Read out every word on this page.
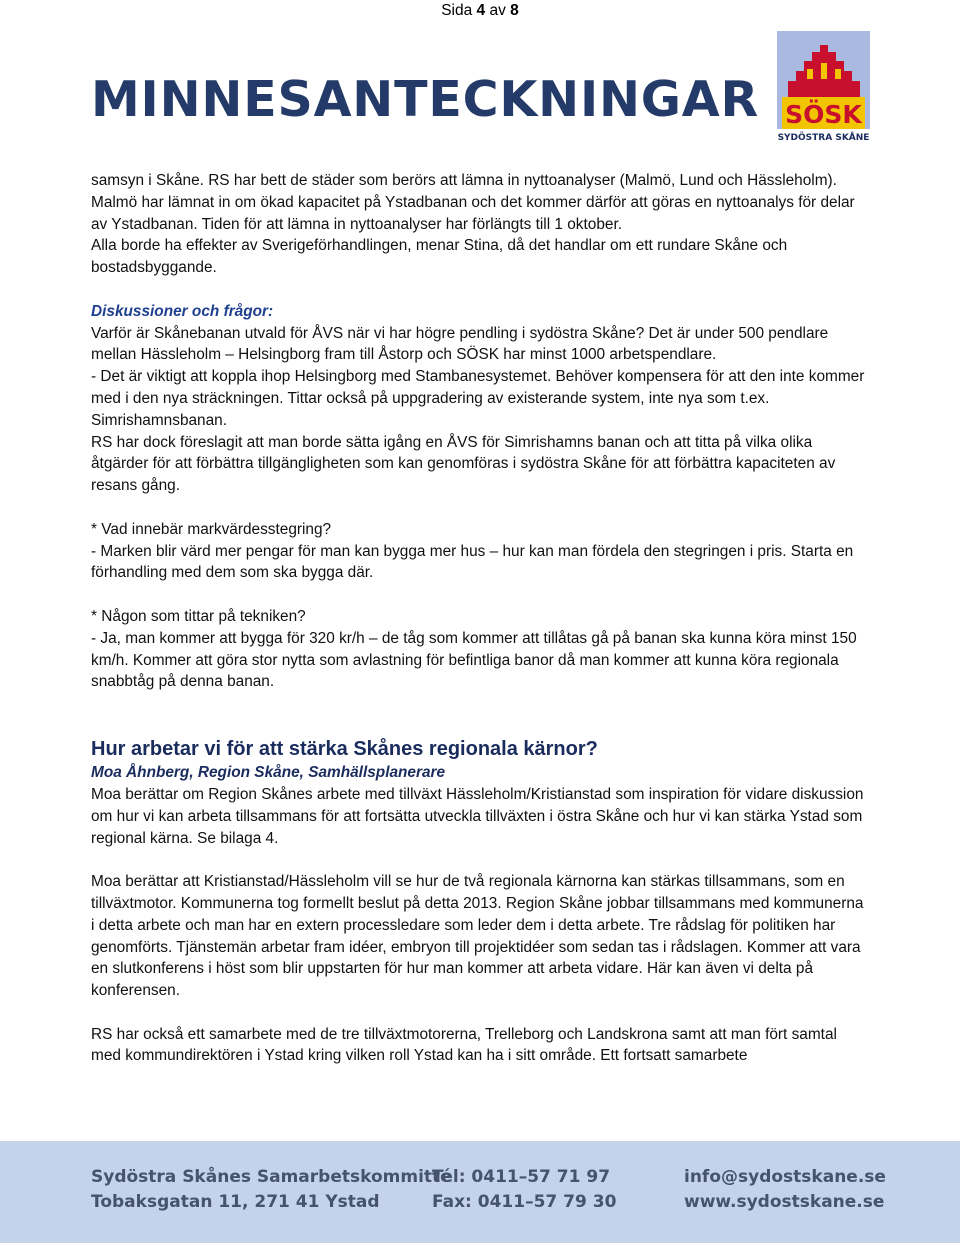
Sida 4 av 8
MINNESANTECKNINGAR SÖSK
SYDÖSTRA SKÅNE

samsyn i Skåne. RS har bett de städer som berörs att lämna in nyttoanalyser (Malmö, Lund och Hässleholm). Malmö har lämnat in om ökad kapacitet på Ystadbanan och det kommer därför att göras en nyttoanalys för delar av Ystadbanan. Tiden för att lämna in nyttoanalyser har förlängts till 1 oktober.

Alla borde ha effekter av Sverigeförhandlingen, menar Stina, då det handlar om ett rundare Skåne och bostadsbyggande.

Diskussioner och frågor:

Varför är Skånebanan utvald för ÅVS när vi har högre pendling i sydöstra Skåne? Det är under 500 pendlare mellan Hässleholm – Helsingborg fram till Åstorp och SÖSK har minst 1000 arbetspendlare.

- Det är viktigt att koppla ihop Helsingborg med Stambanesystemet. Behöver kompensera för att den inte kommer med i den nya sträckningen. Tittar också på uppgradering av existerande system, inte nya som t.ex. Simrishamnsbanan.

RS har dock föreslagit att man borde sätta igång en ÅVS för Simrishamns banan och att titta på vilka olika åtgärder för att förbättra tillgängligheten som kan genomföras i sydöstra Skåne för att förbättra kapaciteten av resans gång.

* Vad innebär markvärdesstegring?

- Marken blir värd mer pengar för man kan bygga mer hus – hur kan man fördela den stegringen i pris. Starta en förhandling med dem som ska bygga där.

* Någon som tittar på tekniken?

- Ja, man kommer att bygga för 320 kr/h – de tåg som kommer att tillåtas gå på banan ska kunna köra minst 150 km/h. Kommer att göra stor nytta som avlastning för befintliga banor då man kommer att kunna köra regionala snabbtåg på denna banan.

Hur arbetar vi för att stärka Skånes regionala kärnor?

Moa Åhnberg, Region Skåne, Samhällsplanerare

Moa berättar om Region Skånes arbete med tillväxt Hässleholm/Kristianstad som inspiration för vidare diskussion om hur vi kan arbeta tillsammans för att fortsätta utveckla tillväxten i östra Skåne och hur vi kan stärka Ystad som regional kärna. Se bilaga 4.

Moa berättar att Kristianstad/Hässleholm vill se hur de två regionala kärnorna kan stärkas tillsammans, som en tillväxtmotor. Kommunerna tog formellt beslut på detta 2013. Region Skåne jobbar tillsammans med kommunerna i detta arbete och man har en extern processledare som leder dem i detta arbete. Tre rådslag för politiken har genomförts. Tjänstemän arbetar fram idéer, embryon till projektidéer som sedan tas i rådslagen. Kommer att vara en slutkonferens i höst som blir uppstarten för hur man kommer att arbeta vidare. Här kan även vi delta på konferensen.

RS har också ett samarbete med de tre tillväxtmotorerna, Trelleborg och Landskrona samt att man fört samtal med kommundirektören i Ystad kring vilken roll Ystad kan ha i sitt område. Ett fortsatt samarbete

Sydöstra Skånes Samarbetskommitté
Tobaksgatan 11, 271 41 Ystad
Tel: 0411–57 71 97
Fax: 0411–57 79 30
info@sydostskane.se
www.sydostskane.se
